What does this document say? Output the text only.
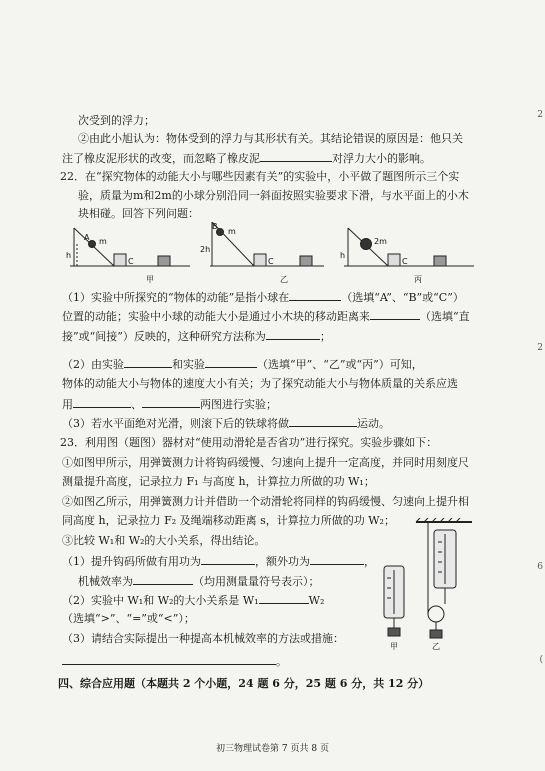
次受到的浮力；
②由此小旭认为：物体受到的浮力与其形状有关。其结论错误的原因是：他只关
注了橡皮泥形状的改变，而忽略了橡皮泥	对浮力大小的影响。
22．在“探究物体的动能大小与哪些因素有关”的实验中，小平做了题图所示三个实
验，质量为m和2m的小球分别沿同一斜面按照实验要求下滑，与水平面上的小木
块相碰。回答下列问题：
A m
h
C
B
m
2h
C
2m
h
C
甲	乙	丙
（1）实验中所探究的“物体的动能”是指小球在	（选填“A”、“B”或“C”）
位置的动能；实验中小球的动能大小是通过小木块的移动距离来	（选填“直
接”或“间接”）反映的，这种研究方法称为	；
（2）由实验	和实验	（选填“甲”、“乙”或“丙”）可知，
物体的动能大小与物体的速度大小有关；为了探究动能大小与物体质量的关系应选
用	、	两图进行实验；
（3）若水平面绝对光滑，则滚下后的铁球将做	运动。
23．利用图（题图）器材对“使用动滑轮是否省功”进行探究。实验步骤如下：
①如图甲所示，用弹簧测力计将钩码缓慢、匀速向上提升一定高度，并同时用刻度尺
测量提升高度，记录拉力 F₁ 与高度 h，计算拉力所做的功 W₁；
②如图乙所示，用弹簧测力计并借助一个动滑轮将同样的钩码缓慢、匀速向上提升相
同高度 h，记录拉力 F₂ 及绳端移动距离 s，计算拉力所做的功 W₂；
③比较 W₁和 W₂的大小关系，得出结论。
（1）提升钩码所做有用功为	，额外功为	，
机械效率为	（均用测量量符号表示）；
（2）实验中 W₁和 W₂的大小关系是 W₁	W₂
（选填“>”、“=”或“<”）；
（3）请结合实际提出一种提高本机械效率的方法或措施：
。
甲	乙
四、综合应用题（本题共 2 个小题，24 题 6 分，25 题 6 分，共 12 分）
初三物理试卷第 7 页共 8 页
2
2
6
(
